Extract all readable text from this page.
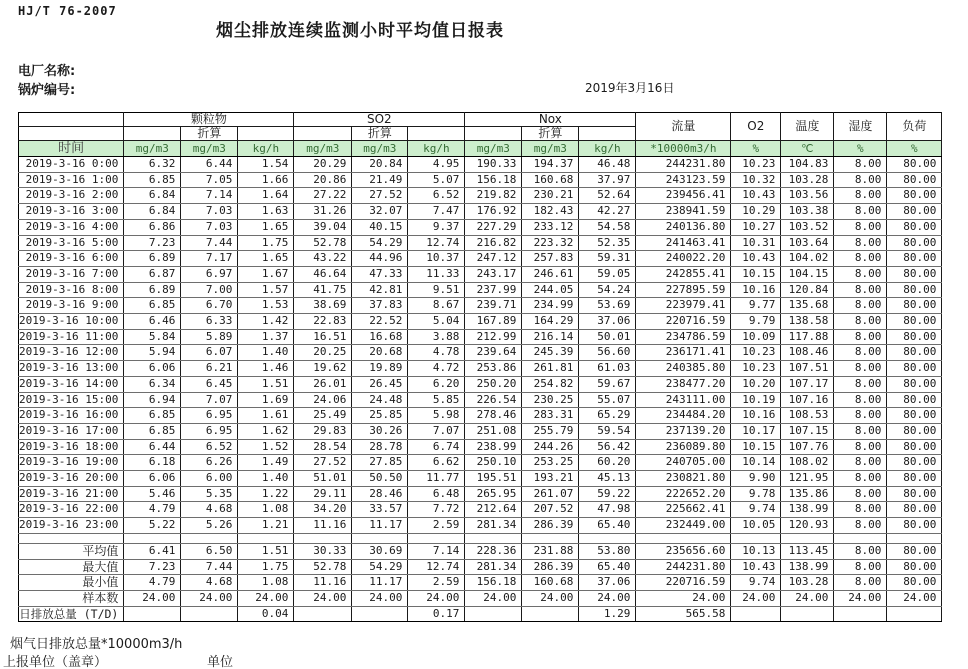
HJ/T 76-2007
烟尘排放连续监测小时平均值日报表
电厂名称:
锅炉编号:	2019年3月16日
	颗粒物			SO2			Nox			流量	O2	温度	湿度	负荷
		折算			折算			折算						
时间	mg/m3	mg/m3	kg/h	mg/m3	mg/m3	kg/h	mg/m3	mg/m3	kg/h	*10000m3/h	%	℃	%	%
2019-3-16 0:00	6.32	6.44	1.54	20.29	20.84	4.95	190.33	194.37	46.48	244231.80	10.23	104.83	8.00	80.00
2019-3-16 1:00	6.85	7.05	1.66	20.86	21.49	5.07	156.18	160.68	37.97	243123.59	10.32	103.28	8.00	80.00
2019-3-16 2:00	6.84	7.14	1.64	27.22	27.52	6.52	219.82	230.21	52.64	239456.41	10.43	103.56	8.00	80.00
2019-3-16 3:00	6.84	7.03	1.63	31.26	32.07	7.47	176.92	182.43	42.27	238941.59	10.29	103.38	8.00	80.00
2019-3-16 4:00	6.86	7.03	1.65	39.04	40.15	9.37	227.29	233.12	54.58	240136.80	10.27	103.52	8.00	80.00
2019-3-16 5:00	7.23	7.44	1.75	52.78	54.29	12.74	216.82	223.32	52.35	241463.41	10.31	103.64	8.00	80.00
2019-3-16 6:00	6.89	7.17	1.65	43.22	44.96	10.37	247.12	257.83	59.31	240022.20	10.43	104.02	8.00	80.00
2019-3-16 7:00	6.87	6.97	1.67	46.64	47.33	11.33	243.17	246.61	59.05	242855.41	10.15	104.15	8.00	80.00
2019-3-16 8:00	6.89	7.00	1.57	41.75	42.81	9.51	237.99	244.05	54.24	227895.59	10.16	120.84	8.00	80.00
2019-3-16 9:00	6.85	6.70	1.53	38.69	37.83	8.67	239.71	234.99	53.69	223979.41	9.77	135.68	8.00	80.00
2019-3-16 10:00	6.46	6.33	1.42	22.83	22.52	5.04	167.89	164.29	37.06	220716.59	9.79	138.58	8.00	80.00
2019-3-16 11:00	5.84	5.89	1.37	16.51	16.68	3.88	212.99	216.14	50.01	234786.59	10.09	117.88	8.00	80.00
2019-3-16 12:00	5.94	6.07	1.40	20.25	20.68	4.78	239.64	245.39	56.60	236171.41	10.23	108.46	8.00	80.00
2019-3-16 13:00	6.06	6.21	1.46	19.62	19.89	4.72	253.86	261.81	61.03	240385.80	10.23	107.51	8.00	80.00
2019-3-16 14:00	6.34	6.45	1.51	26.01	26.45	6.20	250.20	254.82	59.67	238477.20	10.20	107.17	8.00	80.00
2019-3-16 15:00	6.94	7.07	1.69	24.06	24.48	5.85	226.54	230.25	55.07	243111.00	10.19	107.16	8.00	80.00
2019-3-16 16:00	6.85	6.95	1.61	25.49	25.85	5.98	278.46	283.31	65.29	234484.20	10.16	108.53	8.00	80.00
2019-3-16 17:00	6.85	6.95	1.62	29.83	30.26	7.07	251.08	255.79	59.54	237139.20	10.17	107.15	8.00	80.00
2019-3-16 18:00	6.44	6.52	1.52	28.54	28.78	6.74	238.99	244.26	56.42	236089.80	10.15	107.76	8.00	80.00
2019-3-16 19:00	6.18	6.26	1.49	27.52	27.85	6.62	250.10	253.25	60.20	240705.00	10.14	108.02	8.00	80.00
2019-3-16 20:00	6.06	6.00	1.40	51.01	50.50	11.77	195.51	193.21	45.13	230821.80	9.90	121.95	8.00	80.00
2019-3-16 21:00	5.46	5.35	1.22	29.11	28.46	6.48	265.95	261.07	59.22	222652.20	9.78	135.86	8.00	80.00
2019-3-16 22:00	4.79	4.68	1.08	34.20	33.57	7.72	212.64	207.52	47.98	225662.41	9.74	138.99	8.00	80.00
2019-3-16 23:00	5.22	5.26	1.21	11.16	11.17	2.59	281.34	286.39	65.40	232449.00	10.05	120.93	8.00	80.00

平均值	6.41	6.50	1.51	30.33	30.69	7.14	228.36	231.88	53.80	235656.60	10.13	113.45	8.00	80.00
最大值	7.23	7.44	1.75	52.78	54.29	12.74	281.34	286.39	65.40	244231.80	10.43	138.99	8.00	80.00
最小值	4.79	4.68	1.08	11.16	11.17	2.59	156.18	160.68	37.06	220716.59	9.74	103.28	8.00	80.00
样本数	24.00	24.00	24.00	24.00	24.00	24.00	24.00	24.00	24.00	24.00	24.00	24.00	24.00	24.00
日排放总量 (T/D)			0.04			0.17			1.29	565.58				
烟气日排放总量*10000m3/h
上报单位（盖章）	单位
